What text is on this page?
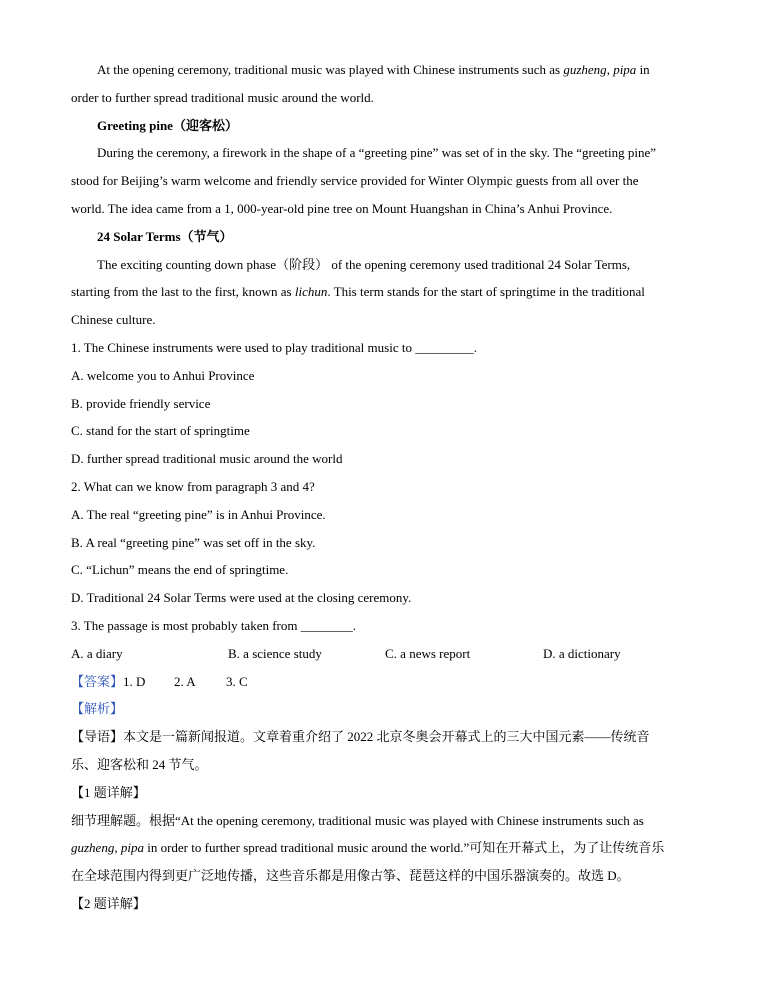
At the opening ceremony, traditional music was played with Chinese instruments such as guzheng, pipa in
order to further spread traditional music around the world.
Greeting pine（迎客松）
During the ceremony, a firework in the shape of a “greeting pine” was set of in the sky. The “greeting pine”
stood for Beijing’s warm welcome and friendly service provided for Winter Olympic guests from all over the
world. The idea came from a 1, 000-year-old pine tree on Mount Huangshan in China’s Anhui Province.
24 Solar Terms（节气）
The exciting counting down phase（阶段） of the opening ceremony used traditional 24 Solar Terms,
starting from the last to the first, known as lichun. This term stands for the start of springtime in the traditional
Chinese culture.
1. The Chinese instruments were used to play traditional music to _________.
A. welcome you to Anhui Province
B. provide friendly service
C. stand for the start of springtime
D. further spread traditional music around the world
2. What can we know from paragraph 3 and 4?
A. The real “greeting pine” is in Anhui Province.
B. A real “greeting pine” was set off in the sky.
C. “Lichun” means the end of springtime.
D. Traditional 24 Solar Terms were used at the closing ceremony.
3. The passage is most probably taken from ________.
A. a diary	B. a science study	C. a news report	D. a dictionary
【答案】 1. D 2. A 3. C
【解析】
【导语】本文是一篇新闻报道。文章着重介绍了 2022 北京冬奥会开幕式上的三大中国元素——传统音
乐、迎客松和 24 节气。
【1 题详解】
细节理解题。根据“At the opening ceremony, traditional music was played with Chinese instruments such as
guzheng, pipa in order to further spread traditional music around the world.”可知在开幕式上，为了让传统音乐
在全球范围内得到更广泛地传播，这些音乐都是用像古筝、琵琶这样的中国乐器演奏的。故选 D。
【2 题详解】
